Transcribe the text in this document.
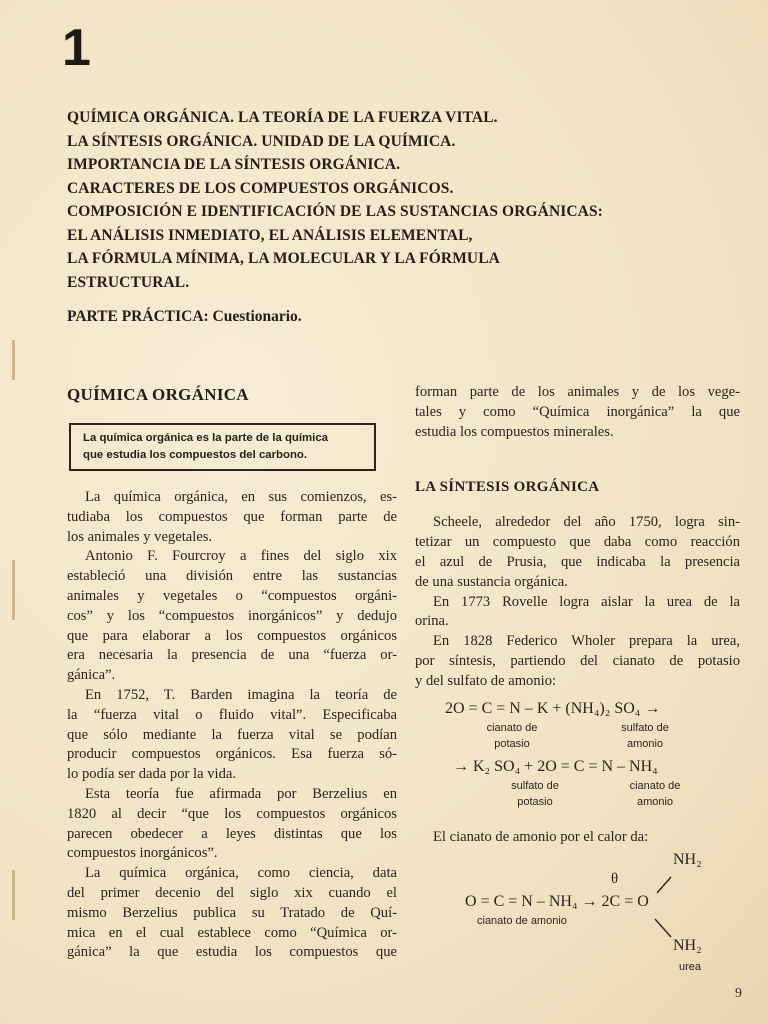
1
QUÍMICA ORGÁNICA. LA TEORÍA DE LA FUERZA VITAL.
LA SÍNTESIS ORGÁNICA. UNIDAD DE LA QUÍMICA.
IMPORTANCIA DE LA SÍNTESIS ORGÁNICA.
CARACTERES DE LOS COMPUESTOS ORGÁNICOS.
COMPOSICIÓN E IDENTIFICACIÓN DE LAS SUSTANCIAS ORGÁNICAS:
EL ANÁLISIS INMEDIATO, EL ANÁLISIS ELEMENTAL,
LA FÓRMULA MÍNIMA, LA MOLECULAR Y LA FÓRMULA
ESTRUCTURAL.
PARTE PRÁCTICA: Cuestionario.
QUÍMICA ORGÁNICA
La química orgánica es la parte de la química
que estudia los compuestos del carbono.
La química orgánica, en sus comienzos, es-
tudiaba los compuestos que forman parte de
los animales y vegetales.
Antonio F. Fourcroy a fines del siglo xix
estableció una división entre las sustancias
animales y vegetales o “compuestos orgáni-
cos” y los “compuestos inorgánicos” y dedujo
que para elaborar a los compuestos orgánicos
era necesaria la presencia de una “fuerza or-
gánica”.
En 1752, T. Barden imagina la teoría de
la “fuerza vital o fluido vital”. Especificaba
que sólo mediante la fuerza vital se podían
producir compuestos orgánicos. Esa fuerza só-
lo podía ser dada por la vida.
Esta teoría fue afirmada por Berzelius en
1820 al decir “que los compuestos orgánicos
parecen obedecer a leyes distintas que los
compuestos inorgánicos”.
La química orgánica, como ciencia, data
del primer decenio del siglo xix cuando el
mismo Berzelius publica su Tratado de Quí-
mica en el cual establece como “Química or-
gánica” la que estudia los compuestos que
forman parte de los animales y de los vege-
tales y como “Química inorgánica” la que
estudia los compuestos minerales.
LA SÍNTESIS ORGÁNICA
Scheele, alrededor del año 1750, logra sin-
tetizar un compuesto que daba como reacción
el azul de Prusia, que indicaba la presencia
de una sustancia orgánica.
En 1773 Rovelle logra aislar la urea de la
orina.
En 1828 Federico Wholer prepara la urea,
por síntesis, partiendo del cianato de potasio
y del sulfato de amonio:
2O = C = N – K + (NH₄)₂ SO₄ →
cianato de
potasio
sulfato de
amonio
→ K₂ SO₄ + 2O = C = N – NH₄
sulfato de
potasio
cianato de
amonio
El cianato de amonio por el calor da:
NH₂
θ
O = C = N – NH₄ → 2C = O
cianato de amonio
NH₂
urea
9
